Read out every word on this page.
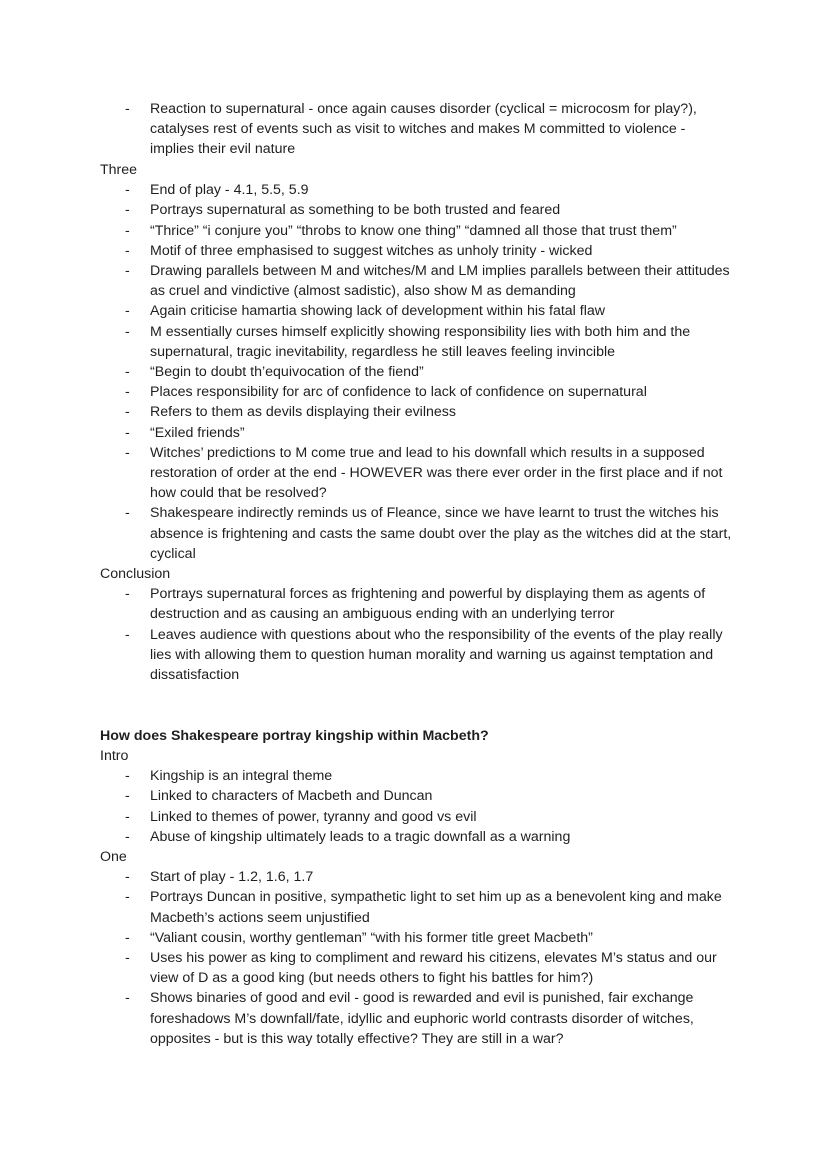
- Reaction to supernatural - once again causes disorder (cyclical = microcosm for play?), catalyses rest of events such as visit to witches and makes M committed to violence - implies their evil nature
Three
- End of play - 4.1, 5.5, 5.9
- Portrays supernatural as something to be both trusted and feared
- “Thrice” “i conjure you” “throbs to know one thing” “damned all those that trust them”
- Motif of three emphasised to suggest witches as unholy trinity - wicked
- Drawing parallels between M and witches/M and LM implies parallels between their attitudes as cruel and vindictive (almost sadistic), also show M as demanding
- Again criticise hamartia showing lack of development within his fatal flaw
- M essentially curses himself explicitly showing responsibility lies with both him and the supernatural, tragic inevitability, regardless he still leaves feeling invincible
- “Begin to doubt th’equivocation of the fiend”
- Places responsibility for arc of confidence to lack of confidence on supernatural
- Refers to them as devils displaying their evilness
- “Exiled friends”
- Witches’ predictions to M come true and lead to his downfall which results in a supposed restoration of order at the end - HOWEVER was there ever order in the first place and if not how could that be resolved?
- Shakespeare indirectly reminds us of Fleance, since we have learnt to trust the witches his absence is frightening and casts the same doubt over the play as the witches did at the start, cyclical
Conclusion
- Portrays supernatural forces as frightening and powerful by displaying them as agents of destruction and as causing an ambiguous ending with an underlying terror
- Leaves audience with questions about who the responsibility of the events of the play really lies with allowing them to question human morality and warning us against temptation and dissatisfaction
How does Shakespeare portray kingship within Macbeth?
Intro
- Kingship is an integral theme
- Linked to characters of Macbeth and Duncan
- Linked to themes of power, tyranny and good vs evil
- Abuse of kingship ultimately leads to a tragic downfall as a warning
One
- Start of play - 1.2, 1.6, 1.7
- Portrays Duncan in positive, sympathetic light to set him up as a benevolent king and make Macbeth’s actions seem unjustified
- “Valiant cousin, worthy gentleman” “with his former title greet Macbeth”
- Uses his power as king to compliment and reward his citizens, elevates M’s status and our view of D as a good king (but needs others to fight his battles for him?)
- Shows binaries of good and evil - good is rewarded and evil is punished, fair exchange foreshadows M’s downfall/fate, idyllic and euphoric world contrasts disorder of witches, opposites - but is this way totally effective? They are still in a war?
